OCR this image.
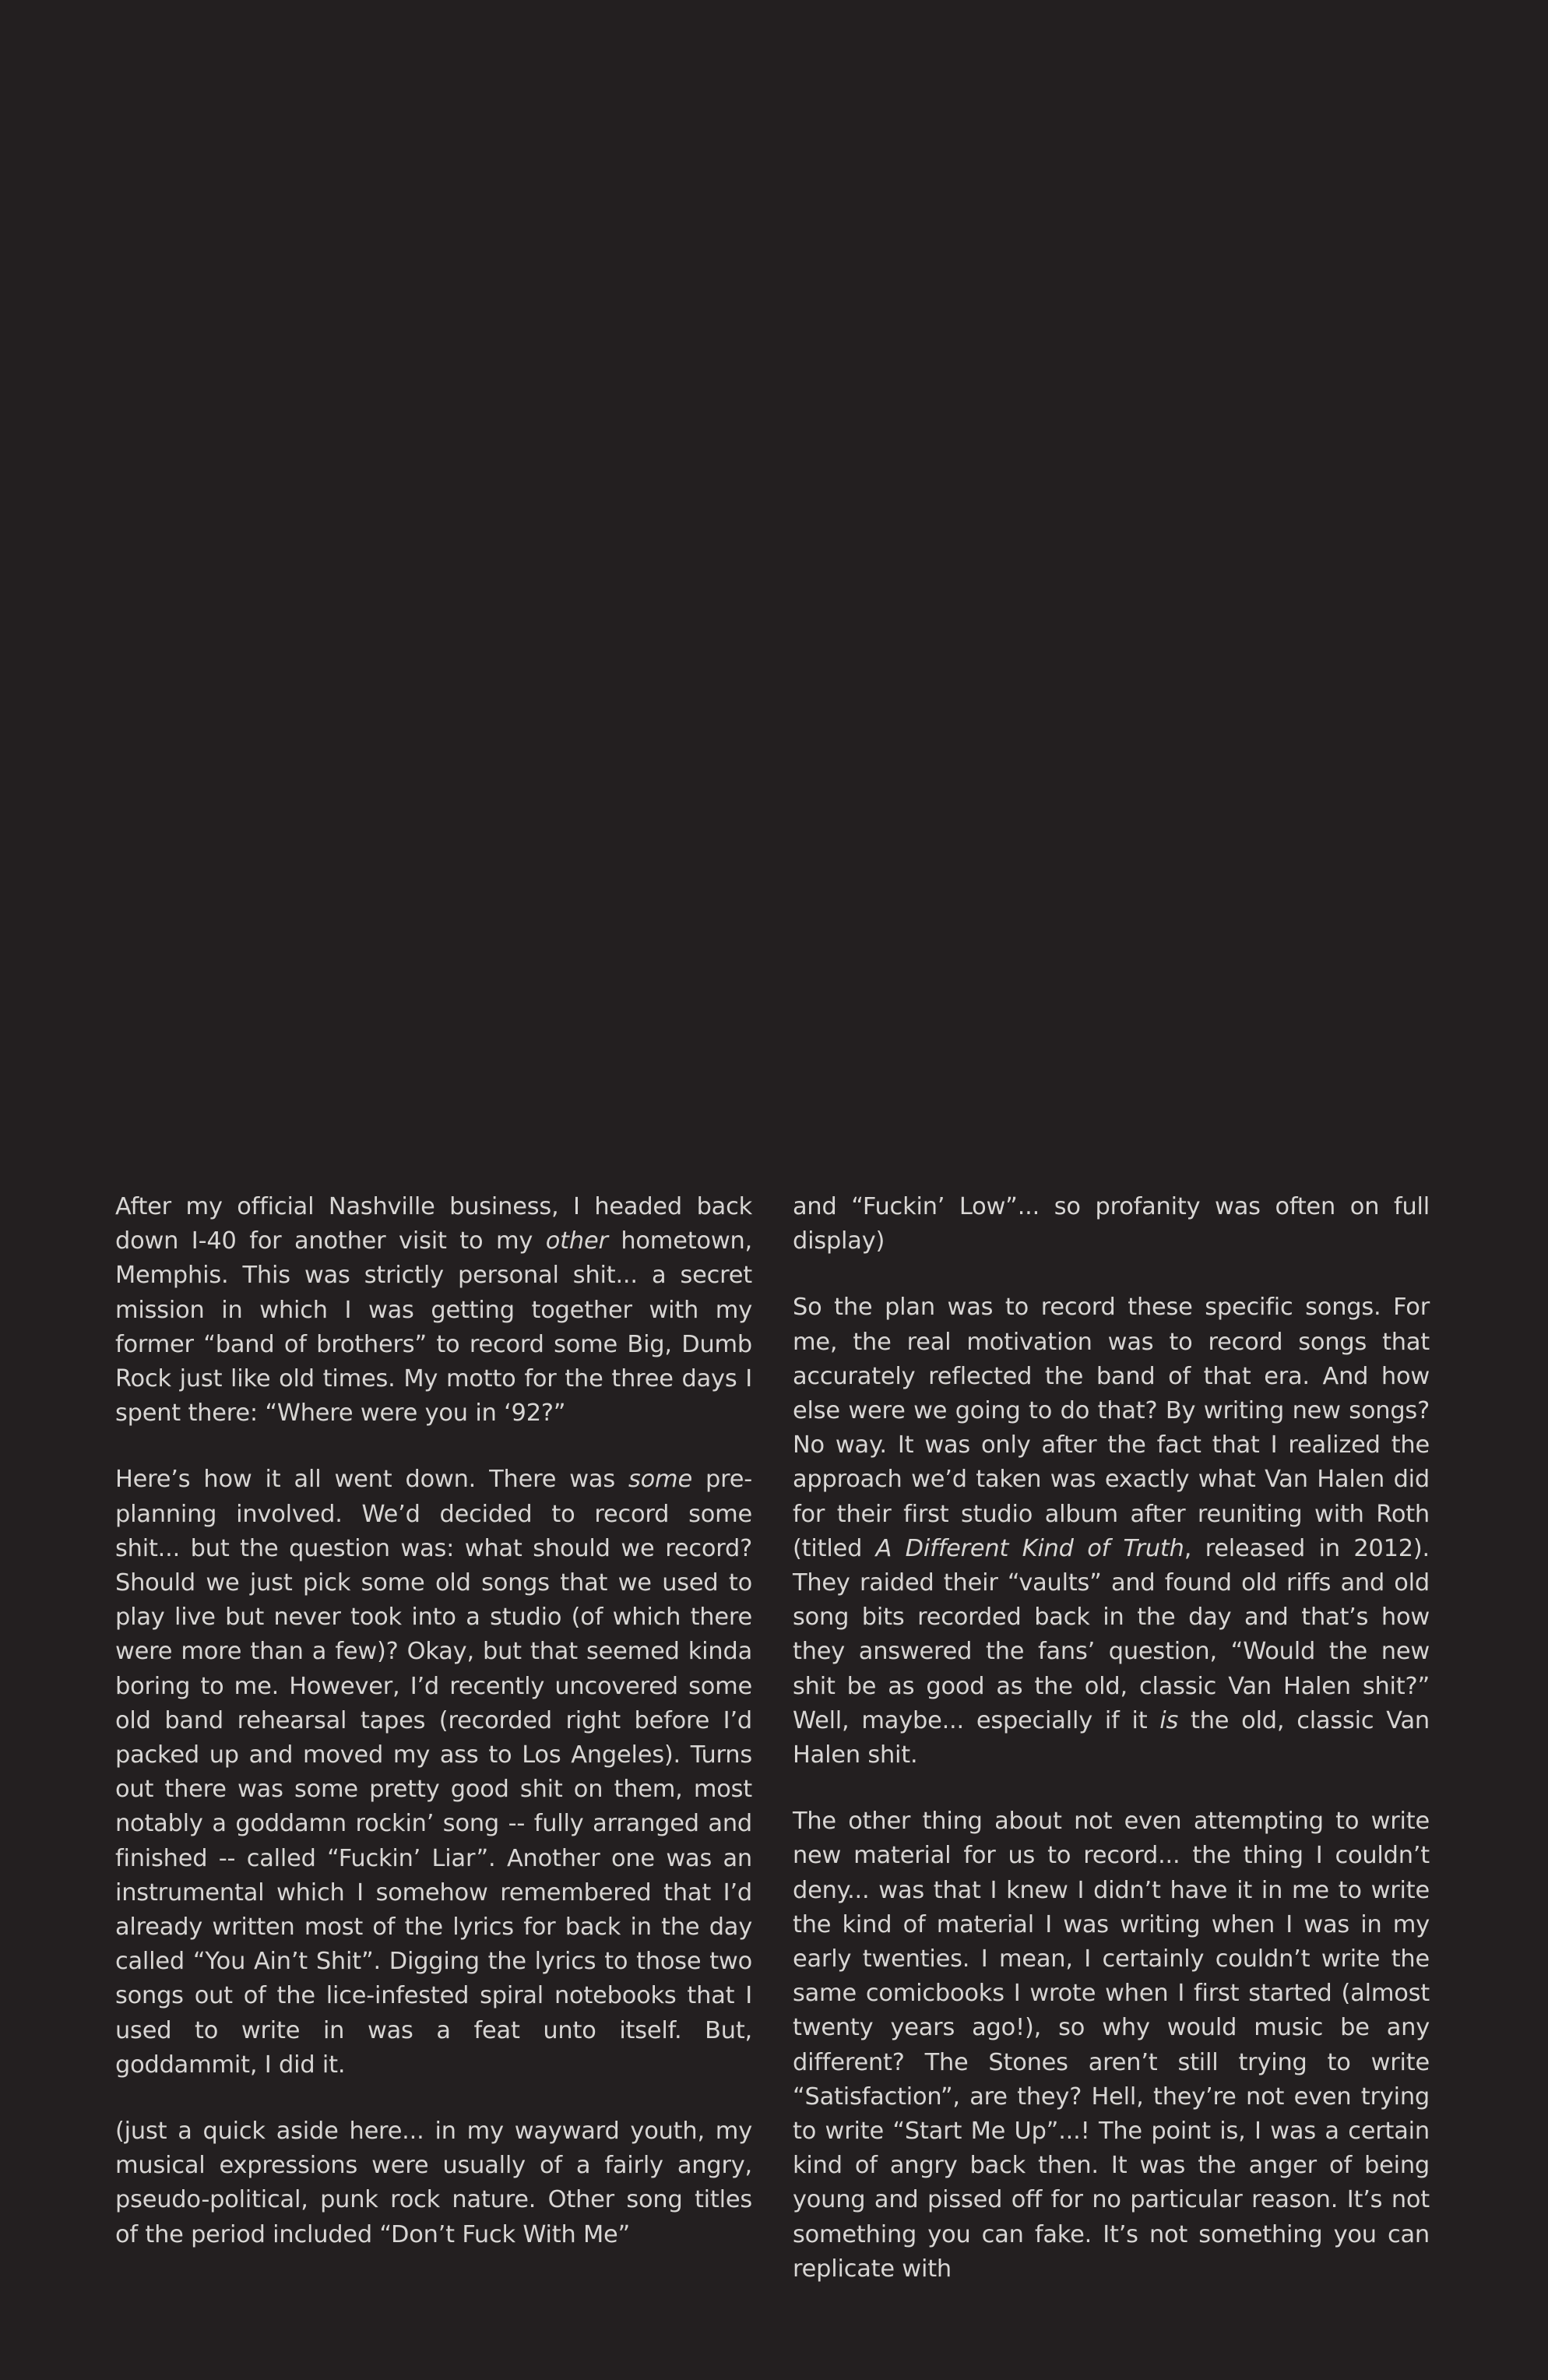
After my official Nashville business, I headed back down I-40 for another visit to my other hometown, Memphis. This was strictly personal shit... a secret mission in which I was getting together with my former “band of brothers” to record some Big, Dumb Rock just like old times. My motto for the three days I spent there: “Where were you in ‘92?”

Here’s how it all went down. There was some pre-planning involved. We’d decided to record some shit... but the question was: what should we record? Should we just pick some old songs that we used to play live but never took into a studio (of which there were more than a few)? Okay, but that seemed kinda boring to me. However, I’d recently uncovered some old band rehearsal tapes (recorded right before I’d packed up and moved my ass to Los Angeles). Turns out there was some pretty good shit on them, most notably a goddamn rockin’ song -- fully arranged and finished -- called “Fuckin’ Liar”. Another one was an instrumental which I somehow remembered that I’d already written most of the lyrics for back in the day called “You Ain’t Shit”. Digging the lyrics to those two songs out of the lice-infested spiral notebooks that I used to write in was a feat unto itself. But, goddammit, I did it.

(just a quick aside here... in my wayward youth, my musical expressions were usually of a fairly angry, pseudo-political, punk rock nature. Other song titles of the period included “Don’t Fuck With Me”

and “Fuckin’ Low”... so profanity was often on full display)

So the plan was to record these specific songs. For me, the real motivation was to record songs that accurately reflected the band of that era. And how else were we going to do that? By writing new songs? No way. It was only after the fact that I realized the approach we’d taken was exactly what Van Halen did for their first studio album after reuniting with Roth (titled A Different Kind of Truth, released in 2012). They raided their “vaults” and found old riffs and old song bits recorded back in the day and that’s how they answered the fans’ question, “Would the new shit be as good as the old, classic Van Halen shit?” Well, maybe... especially if it is the old, classic Van Halen shit.

The other thing about not even attempting to write new material for us to record... the thing I couldn’t deny... was that I knew I didn’t have it in me to write the kind of material I was writing when I was in my early twenties. I mean, I certainly couldn’t write the same comicbooks I wrote when I first started (almost twenty years ago!), so why would music be any different? The Stones aren’t still trying to write “Satisfaction”, are they? Hell, they’re not even trying to write “Start Me Up”...! The point is, I was a certain kind of angry back then. It was the anger of being young and pissed off for no particular reason. It’s not something you can fake. It’s not something you can replicate with
